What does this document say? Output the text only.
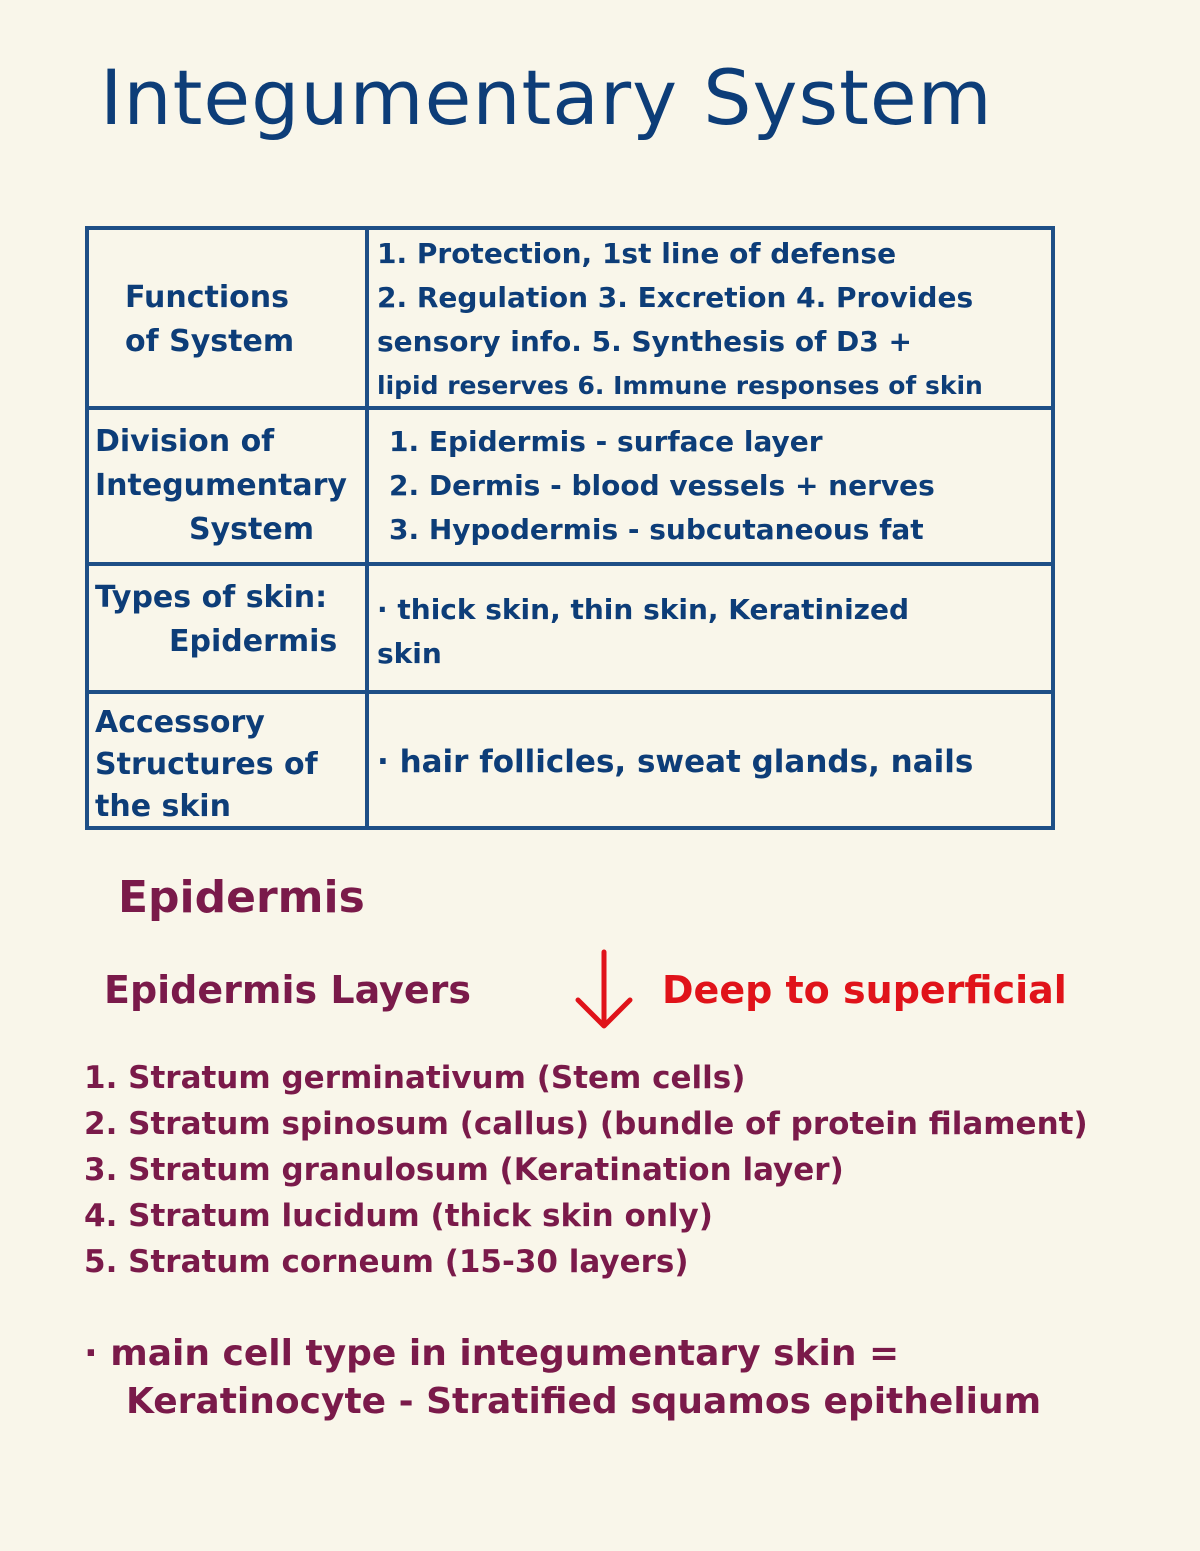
Integumentary System
Functions
of System
1. Protection, 1st line of defense
2. Regulation 3. Excretion 4. Provides
sensory info. 5. Synthesis of D3 +
lipid reserves 6. Immune responses of skin
Division of
Integumentary
System
1. Epidermis - surface layer
2. Dermis - blood vessels + nerves
3. Hypodermis - subcutaneous fat
Types of skin:
Epidermis
· thick skin, thin skin, Keratinized
skin
Accessory
Structures of
the skin
· hair follicles, sweat glands, nails
Epidermis
Epidermis Layers	Deep to superficial
1. Stratum germinativum (Stem cells)
2. Stratum spinosum (callus) (bundle of protein filament)
3. Stratum granulosum (Keratination layer)
4. Stratum lucidum (thick skin only)
5. Stratum corneum (15-30 layers)
· main cell type in integumentary skin =
Keratinocyte - Stratified squamos epithelium
